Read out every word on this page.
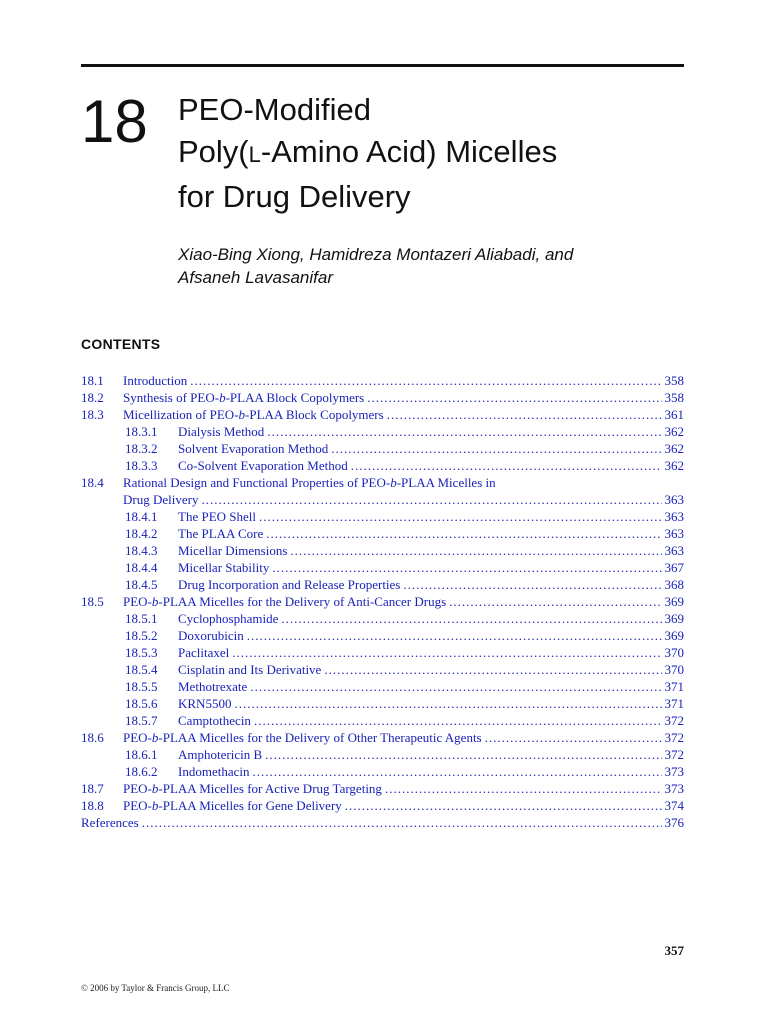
18 PEO-Modified
Poly(L-Amino Acid) Micelles
for Drug Delivery
Xiao-Bing Xiong, Hamidreza Montazeri Aliabadi, and
Afsaneh Lavasanifar
CONTENTS
18.1 Introduction .....	358
18.2 Synthesis of PEO-b-PLAA Block Copolymers .....	358
18.3 Micellization of PEO-b-PLAA Block Copolymers .....	361
18.3.1 Dialysis Method .....	362
18.3.2 Solvent Evaporation Method .....	362
18.3.3 Co-Solvent Evaporation Method .....	362
18.4 Rational Design and Functional Properties of PEO-b-PLAA Micelles in
Drug Delivery .....	363
18.4.1 The PEO Shell .....	363
18.4.2 The PLAA Core .....	363
18.4.3 Micellar Dimensions .....	363
18.4.4 Micellar Stability .....	367
18.4.5 Drug Incorporation and Release Properties .....	368
18.5 PEO-b-PLAA Micelles for the Delivery of Anti-Cancer Drugs .....	369
18.5.1 Cyclophosphamide .....	369
18.5.2 Doxorubicin .....	369
18.5.3 Paclitaxel .....	370
18.5.4 Cisplatin and Its Derivative .....	370
18.5.5 Methotrexate .....	371
18.5.6 KRN5500 .....	371
18.5.7 Camptothecin .....	372
18.6 PEO-b-PLAA Micelles for the Delivery of Other Therapeutic Agents .....	372
18.6.1 Amphotericin B .....	372
18.6.2 Indomethacin .....	373
18.7 PEO-b-PLAA Micelles for Active Drug Targeting .....	373
18.8 PEO-b-PLAA Micelles for Gene Delivery .....	374
References .....	376
357
© 2006 by Taylor & Francis Group, LLC
